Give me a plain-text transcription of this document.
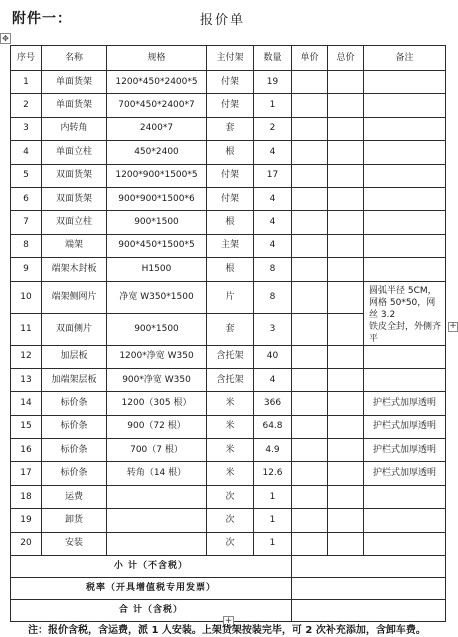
✥
附件一：	报价单
序号	名称	规格	主付架	数量	单价	总价	备注
1	单面货架	1200*450*2400*5	付架	19			
2	单面货架	700*450*2400*7	付架	1			
3	内转角	2400*7	套	2			
4	单面立柱	450*2400	根	4			
5	双面货架	1200*900*1500*5	付架	17			
6	双面货架	900*900*1500*6	付架	4			
7	双面立柱	900*1500	根	4			
8	端架	900*450*1500*5	主架	4			
9	端架木封板	H1500	根	8			
10	端架侧网片	净宽 W350*1500	片	8			圆弧半径 5CM，网格 50*50，网丝 3.2
铁皮全封，外侧齐平
11	双面侧片	900*1500	套	3			
12	加层板	1200*净宽 W350	含托架	40			
13	加端架层板	900*净宽 W350	含托架	4			
14	标价条	1200（305 根）	米	366			护栏式加厚透明
15	标价条	900（72 根）	米	64.8			护栏式加厚透明
16	标价条	700（7 根）	米	4.9			护栏式加厚透明
17	标价条	转角（14 根）	米	12.6			护栏式加厚透明
18	运费		次	1			
19	卸货		次	1			
20	安装		次	1			
小 计（不含税）							
税率（开具增值税专用发票）							
合 计（含税）							
+
+
注：报价含税，含运费，派 1 人安装。上架货架按装完毕，可 2 次补充添加，含卸车费。
